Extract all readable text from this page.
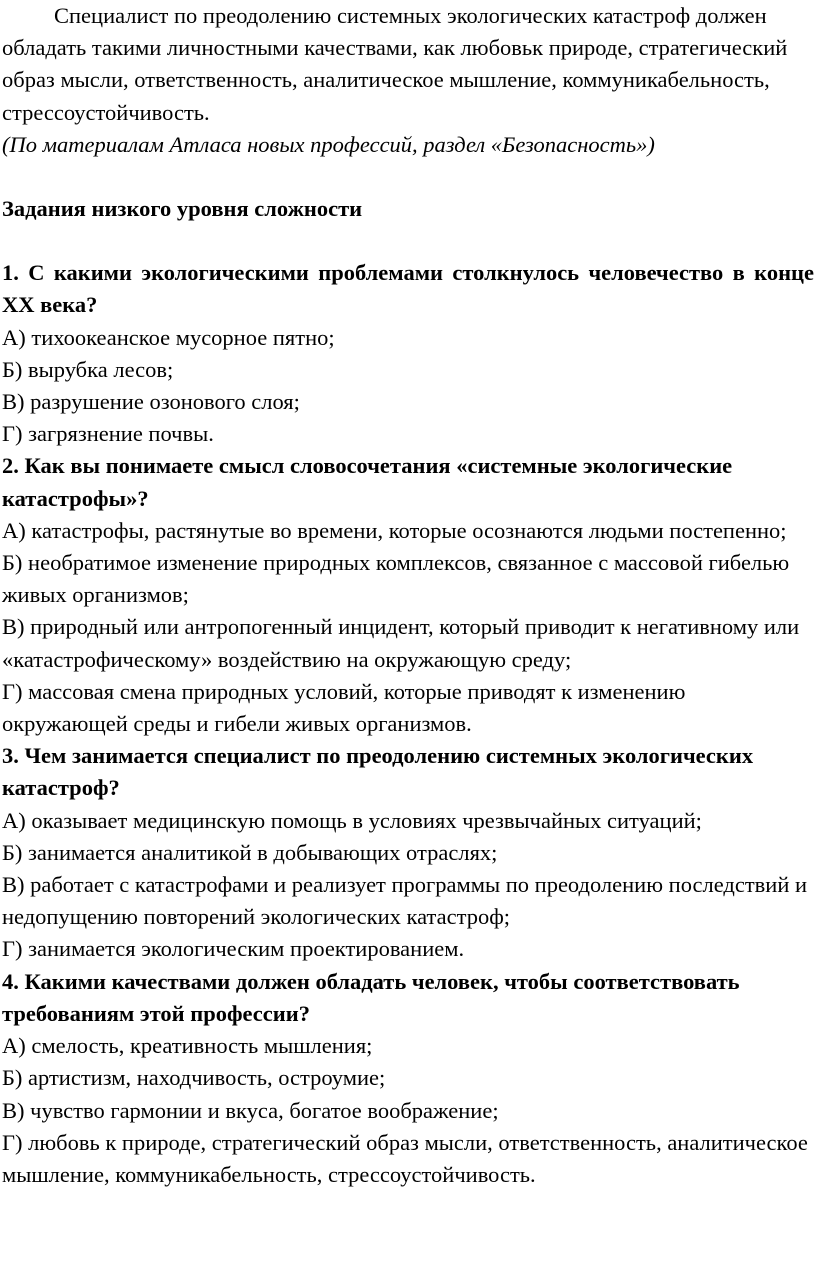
Специалист по преодолению системных экологических катастроф должен обладать такими личностными качествами, как любовьк природе, стратегический образ мысли, ответственность, аналитическое мышление, коммуникабельность, стрессоустойчивость.

(По материалам Атласа новых профессий, раздел «Безопасность»)

Задания низкого уровня сложности

1. С какими экологическими проблемами столкнулось человечество в конце XX века?

А) тихоокеанское мусорное пятно;

Б) вырубка лесов;

В) разрушение озонового слоя;

Г) загрязнение почвы.

2. Как вы понимаете смысл словосочетания «системные экологические катастрофы»?

А) катастрофы, растянутые во времени, которые осознаются людьми постепенно;

Б) необратимое изменение природных комплексов, связанное с массовой гибелью живых организмов;

В) природный или антропогенный инцидент, который приводит к негативному или «катастрофическому» воздействию на окружающую среду;

Г) массовая смена природных условий, которые приводят к изменению окружающей среды и гибели живых организмов.

3. Чем занимается специалист по преодолению системных экологических катастроф?

А) оказывает медицинскую помощь в условиях чрезвычайных ситуаций;

Б) занимается аналитикой в добывающих отраслях;

В) работает с катастрофами и реализует программы по преодолению последствий и недопущению повторений экологических катастроф;

Г) занимается экологическим проектированием.

4. Какими качествами должен обладать человек, чтобы соответствовать требованиям этой профессии?

А) смелость, креативность мышления;

Б) артистизм, находчивость, остроумие;

В) чувство гармонии и вкуса, богатое воображение;

Г) любовь к природе, стратегический образ мысли, ответственность, аналитическое мышление, коммуникабельность, стрессоустойчивость.
